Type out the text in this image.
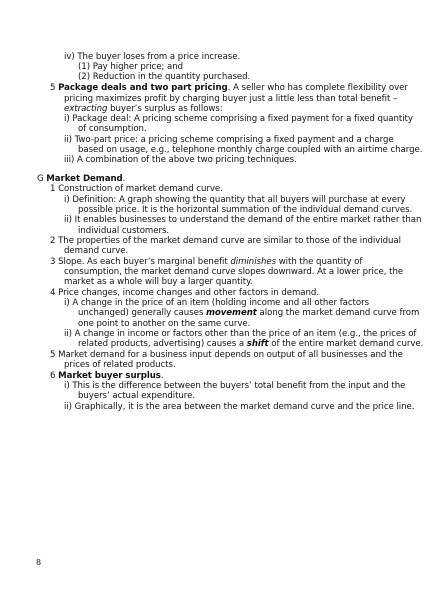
iv) The buyer loses from a price increase.
(1) Pay higher price; and
(2) Reduction in the quantity purchased.
5 Package deals and two part pricing. A seller who has complete flexibility over
pricing maximizes profit by charging buyer just a little less than total benefit –
extracting buyer’s surplus as follows:
i) Package deal: A pricing scheme comprising a fixed payment for a fixed quantity
of consumption.
ii) Two-part price: a pricing scheme comprising a fixed payment and a charge
based on usage, e.g., telephone monthly charge coupled with an airtime charge.
iii) A combination of the above two pricing techniques.
G Market Demand.
1 Construction of market demand curve.
i) Definition: A graph showing the quantity that all buyers will purchase at every
possible price. It is the horizontal summation of the individual demand curves.
ii) It enables businesses to understand the demand of the entire market rather than
individual customers.
2 The properties of the market demand curve are similar to those of the individual
demand curve.
3 Slope. As each buyer’s marginal benefit diminishes with the quantity of
consumption, the market demand curve slopes downward. At a lower price, the
market as a whole will buy a larger quantity.
4 Price changes, income changes and other factors in demand.
i) A change in the price of an item (holding income and all other factors
unchanged) generally causes movement along the market demand curve from
one point to another on the same curve.
ii) A change in income or factors other than the price of an item (e.g., the prices of
related products, advertising) causes a shift of the entire market demand curve.
5 Market demand for a business input depends on output of all businesses and the
prices of related products.
6 Market buyer surplus.
i) This is the difference between the buyers’ total benefit from the input and the
buyers’ actual expenditure.
ii) Graphically, it is the area between the market demand curve and the price line.
8
